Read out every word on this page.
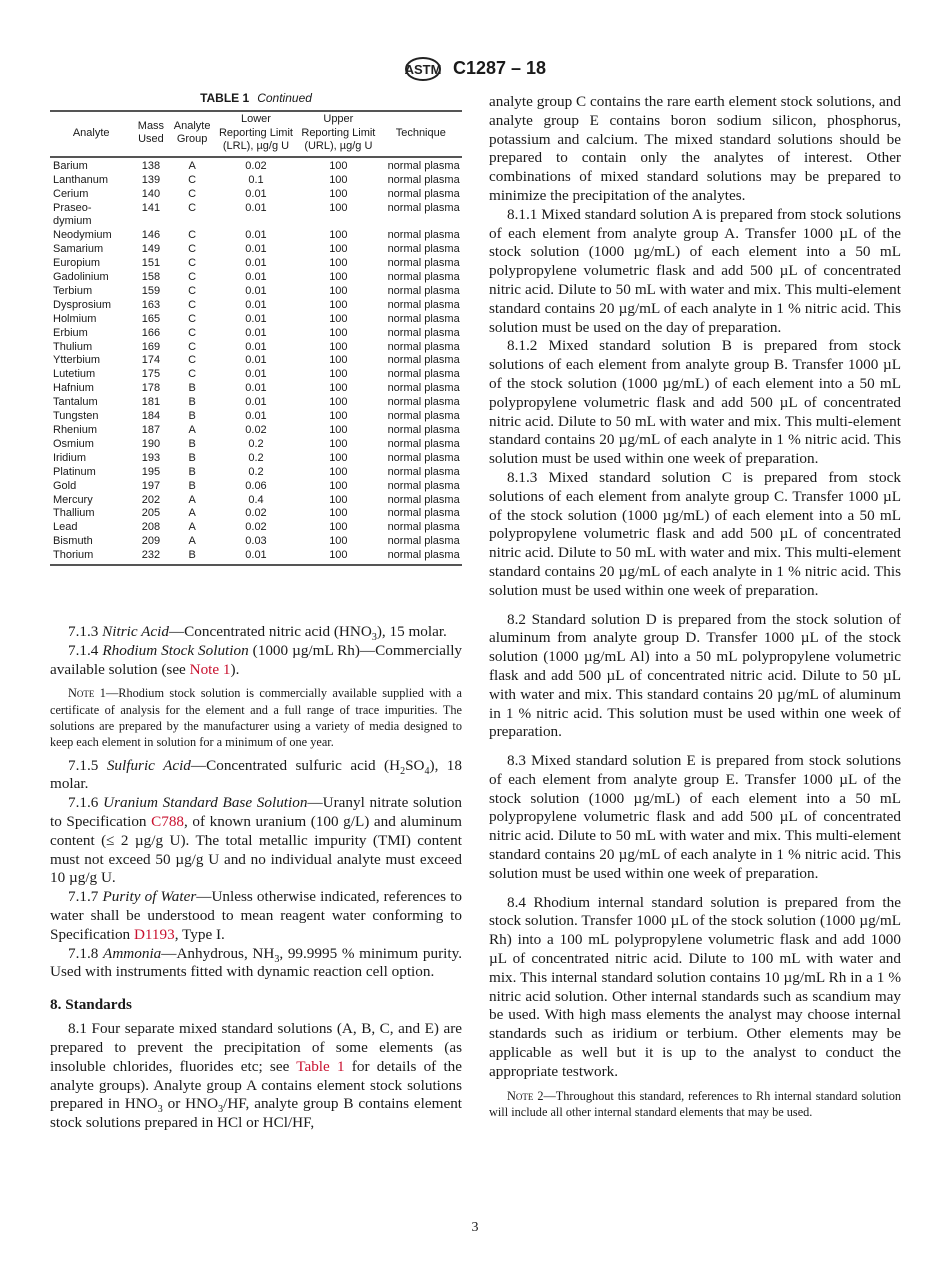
ASTM C1287 – 18
TABLE 1 Continued
Analyte	Mass Used	Analyte Group	Lower Reporting Limit (LRL), µg/g U	Upper Reporting Limit (URL), µg/g U	Technique
Barium	138	A	0.02	100	normal plasma
Lanthanum	139	C	0.1	100	normal plasma
Cerium	140	C	0.01	100	normal plasma
Praseo- dymium	141	C	0.01	100	normal plasma
Neodymium	146	C	0.01	100	normal plasma
Samarium	149	C	0.01	100	normal plasma
Europium	151	C	0.01	100	normal plasma
Gadolinium	158	C	0.01	100	normal plasma
Terbium	159	C	0.01	100	normal plasma
Dysprosium	163	C	0.01	100	normal plasma
Holmium	165	C	0.01	100	normal plasma
Erbium	166	C	0.01	100	normal plasma
Thulium	169	C	0.01	100	normal plasma
Ytterbium	174	C	0.01	100	normal plasma
Lutetium	175	C	0.01	100	normal plasma
Hafnium	178	B	0.01	100	normal plasma
Tantalum	181	B	0.01	100	normal plasma
Tungsten	184	B	0.01	100	normal plasma
Rhenium	187	A	0.02	100	normal plasma
Osmium	190	B	0.2	100	normal plasma
Iridium	193	B	0.2	100	normal plasma
Platinum	195	B	0.2	100	normal plasma
Gold	197	B	0.06	100	normal plasma
Mercury	202	A	0.4	100	normal plasma
Thallium	205	A	0.02	100	normal plasma
Lead	208	A	0.02	100	normal plasma
Bismuth	209	A	0.03	100	normal plasma
Thorium	232	B	0.01	100	normal plasma

7.1.3 Nitric Acid—Concentrated nitric acid $(HNO_3)$, 15 molar.

7.1.4 Rhodium Stock Solution (1000 µg/mL Rh)—Commercially available solution (see Note 1).

Note 1—Rhodium stock solution is commercially available supplied with a certificate of analysis for the element and a full range of trace impurities. The solutions are prepared by the manufacturer using a variety of media designed to keep each element in solution for a minimum of one year.

7.1.5 Sulfuric Acid—Concentrated sulfuric acid $(H_2SO_4)$, 18 molar.

7.1.6 Uranium Standard Base Solution—Uranyl nitrate solution to Specification C788, of known uranium (100 g/L) and aluminum content (≤ 2 µg/g U). The total metallic impurity (TMI) content must not exceed 50 µg/g U and no individual analyte must exceed 10 µg/g U.

7.1.7 Purity of Water—Unless otherwise indicated, references to water shall be understood to mean reagent water conforming to Specification D1193, Type I.

7.1.8 Ammonia—Anhydrous, $NH_3$, 99.9995 % minimum purity. Used with instruments fitted with dynamic reaction cell option.

8. Standards

8.1 Four separate mixed standard solutions (A, B, C, and E) are prepared to prevent the precipitation of some elements (as insoluble chlorides, fluorides etc; see Table 1 for details of the analyte groups). Analyte group A contains element stock solutions prepared in $HNO_3$ or $HNO_3/HF$, analyte group B contains element stock solutions prepared in HCl or HCl/HF,

analyte group C contains the rare earth element stock solutions, and analyte group E contains boron sodium silicon, phosphorus, potassium and calcium. The mixed standard solutions should be prepared to contain only the analytes of interest. Other combinations of mixed standard solutions may be prepared to minimize the precipitation of the analytes.

8.1.1 Mixed standard solution A is prepared from stock solutions of each element from analyte group A. Transfer 1000 µL of the stock solution (1000 µg/mL) of each element into a 50 mL polypropylene volumetric flask and add 500 µL of concentrated nitric acid. Dilute to 50 mL with water and mix. This multi-element standard contains 20 µg/mL of each analyte in 1 % nitric acid. This solution must be used on the day of preparation.

8.1.2 Mixed standard solution B is prepared from stock solutions of each element from analyte group B. Transfer 1000 µL of the stock solution (1000 µg/mL) of each element into a 50 mL polypropylene volumetric flask and add 500 µL of concentrated nitric acid. Dilute to 50 mL with water and mix. This multi-element standard contains 20 µg/mL of each analyte in 1 % nitric acid. This solution must be used within one week of preparation.

8.1.3 Mixed standard solution C is prepared from stock solutions of each element from analyte group C. Transfer 1000 µL of the stock solution (1000 µg/mL) of each element into a 50 mL polypropylene volumetric flask and add 500 µL of concentrated nitric acid. Dilute to 50 mL with water and mix. This multi-element standard contains 20 µg/mL of each analyte in 1 % nitric acid. This solution must be used within one week of preparation.

8.2 Standard solution D is prepared from the stock solution of aluminum from analyte group D. Transfer 1000 µL of the stock solution (1000 µg/mL Al) into a 50 mL polypropylene volumetric flask and add 500 µL of concentrated nitric acid. Dilute to 50 µL with water and mix. This standard contains 20 µg/mL of aluminum in 1 % nitric acid. This solution must be used within one week of preparation.

8.3 Mixed standard solution E is prepared from stock solutions of each element from analyte group E. Transfer 1000 µL of the stock solution (1000 µg/mL) of each element into a 50 mL polypropylene volumetric flask and add 500 µL of concentrated nitric acid. Dilute to 50 mL with water and mix. This multi-element standard contains 20 µg/mL of each analyte in 1 % nitric acid. This solution must be used within one week of preparation.

8.4 Rhodium internal standard solution is prepared from the stock solution. Transfer 1000 µL of the stock solution (1000 µg/mL Rh) into a 100 mL polypropylene volumetric flask and add 1000 µL of concentrated nitric acid. Dilute to 100 mL with water and mix. This internal standard solution contains 10 µg/mL Rh in a 1 % nitric acid solution. Other internal standards such as scandium may be used. With high mass elements the analyst may choose internal standards such as iridium or terbium. Other elements may be applicable as well but it is up to the analyst to conduct the appropriate testwork.

Note 2—Throughout this standard, references to Rh internal standard solution will include all other internal standard elements that may be used.

3
